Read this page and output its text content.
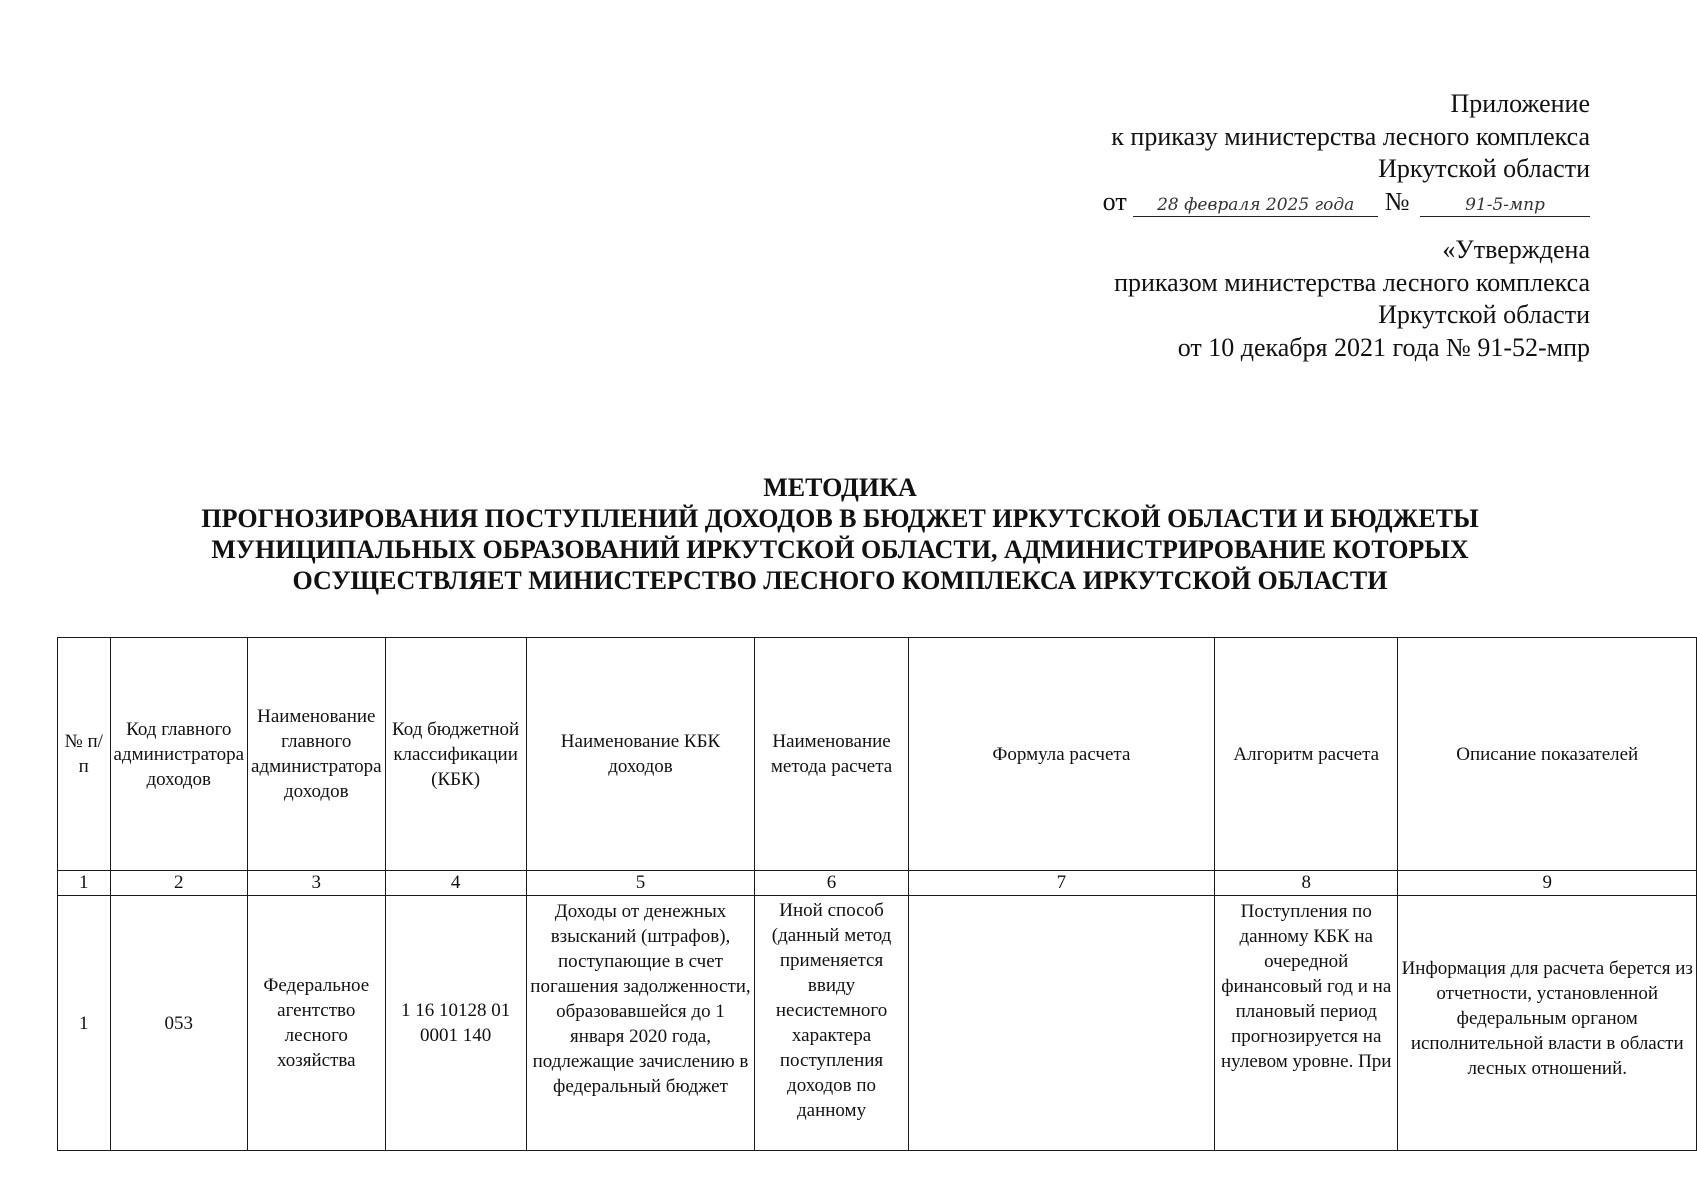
Приложение
к приказу министерства лесного комплекса
Иркутской области
от 28 февраля 2025 года №	91-5-мпр
«Утверждена
приказом министерства лесного комплекса
Иркутской области
от 10 декабря 2021 года № 91-52-мпр
МЕТОДИКА
ПРОГНОЗИРОВАНИЯ ПОСТУПЛЕНИЙ ДОХОДОВ В БЮДЖЕТ ИРКУТСКОЙ ОБЛАСТИ И БЮДЖЕТЫ
МУНИЦИПАЛЬНЫХ ОБРАЗОВАНИЙ ИРКУТСКОЙ ОБЛАСТИ, АДМИНИСТРИРОВАНИЕ КОТОРЫХ
ОСУЩЕСТВЛЯЕТ МИНИСТЕРСТВО ЛЕСНОГО КОМПЛЕКСА ИРКУТСКОЙ ОБЛАСТИ
№ п/п	Код главного администратора доходов	Наименование главного администратора доходов	Код бюджетной классификации (КБК)	Наименование КБК доходов	Наименование метода расчета	Формула расчета	Алгоритм расчета	Описание показателей
1	2	3	4	5	6	7	8	9
1	053	Федеральное агентство лесного хозяйства	1 16 10128 01 0001 140	Доходы от денежных взысканий (штрафов), поступающие в счет погашения задолженности, образовавшейся до 1 января 2020 года, подлежащие зачислению в федеральный бюджет	Иной способ (данный метод применяется ввиду несистемного характера поступления доходов по данному		Поступления по данному КБК на очередной финансовый год и на плановый период прогнозируется на нулевом уровне. При	Информация для расчета берется из отчетности, установленной федеральным органом исполнительной власти в области лесных отношений.
